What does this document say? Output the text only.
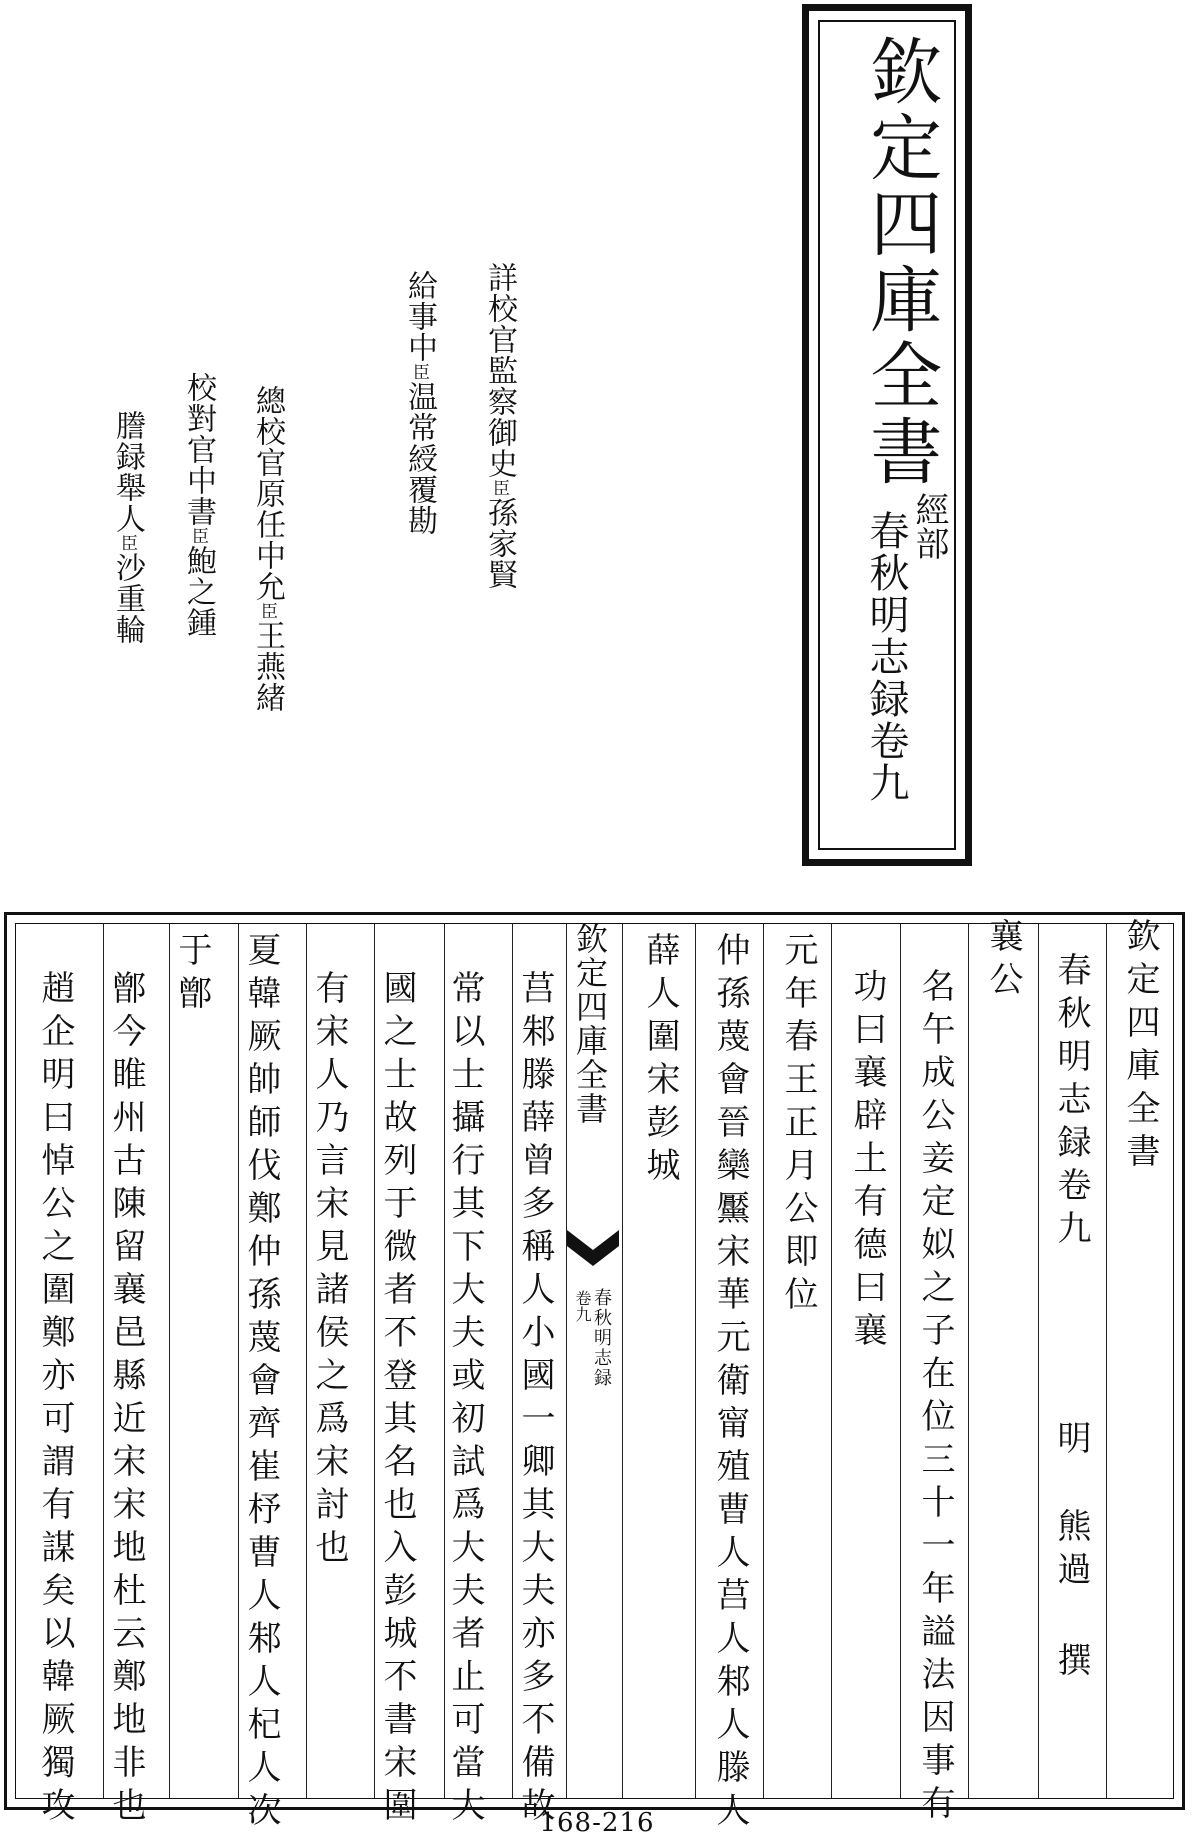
欽定四庫全書
經部
春秋明志録卷九
詳校官監察御史臣孫家賢
給事中臣温常綬覆勘
總校官原任中允臣王燕緒
校對官中書臣鮑之鍾
謄録舉人臣沙重輪
欽定四庫全書
春秋明志録卷九
明
熊過
撰
襄公
名午成公妾定姒之子在位三十一年謚法因事有
功曰襄辟土有德曰襄
元年春王正月公即位
仲孫蔑會晉欒黶宋華元衛甯殖曹人莒人邾人滕人
薛人圍宋彭城
欽定四庫全書
春秋明志録
卷九
莒邾滕薛曾多稱人小國一卿其大夫亦多不備故
常以士攝行其下大夫或初試爲大夫者止可當大
國之士故列于微者不登其名也入彭城不書宋圍
有宋人乃言宋見諸侯之爲宋討也
夏韓厥帥師伐鄭仲孫蔑會齊崔杼曹人邾人杞人次
于鄫
鄫今睢州古陳留襄邑縣近宋宋地杜云鄭地非也
趙企明曰悼公之圍鄭亦可謂有謀矣以韓厥獨攻	168-216
